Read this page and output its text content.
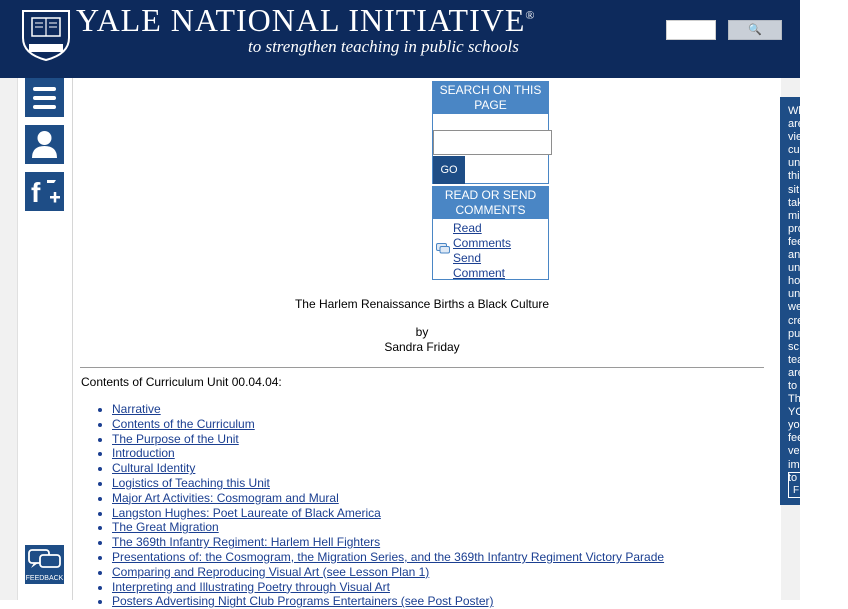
YALE NATIONAL INITIATIVE®
to strengthen teaching in public schools
🔍
f
FEEDBACK
SEARCH ON THIS PAGE
GO
READ OR SEND COMMENTS
Read Comments
Send Comment
The Harlem Renaissance Births a Black Culture
by
Sandra Friday
Contents of Curriculum Unit 00.04.04:
• Narrative
• Contents of the Curriculum
• The Purpose of the Unit
• Introduction
• Cultural Identity
• Logistics of Teaching this Unit
• Major Art Activities: Cosmogram and Mural
• Langston Hughes: Poet Laureate of Black America
• The Great Migration
• The 369th Infantry Regiment: Harlem Hell Fighters
• Presentations of: the Cosmogram, the Migration Series, and the 369th Infantry Regiment Victory Parade
• Comparing and Reproducing Visual Art (see Lesson Plan 1)
• Interpreting and Illustrating Poetry through Visual Art
• Posters Advertising Night Club Programs Entertainers (see Post Poster)
Wh
are
vie
cu
un
thi
sit
tak
mi
pro
fee
an
un
ho
un
we
cre
pu
sc
tea
are
to
Th
YO
yo
fee
ve
im
to
F
